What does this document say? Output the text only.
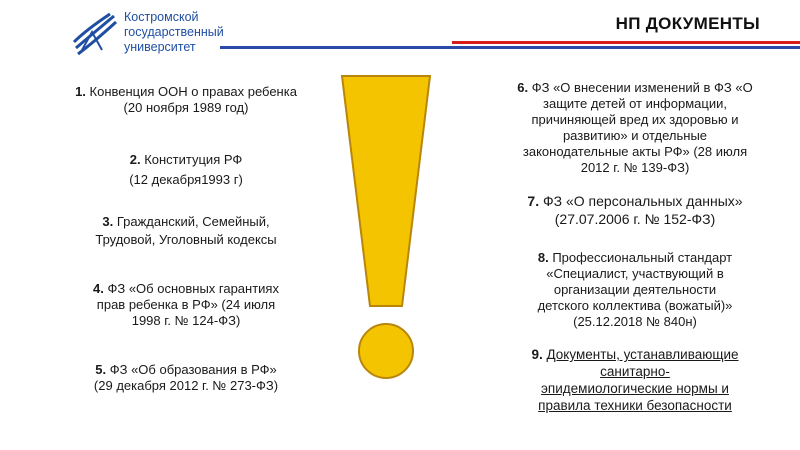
Костромской
государственный
университет
НП ДОКУМЕНТЫ
1. Конвенция ООН о правах ребенка
(20 ноября 1989 год)
2. Конституция РФ
(12 декабря1993 г)
3. Гражданский, Семейный,
Трудовой, Уголовный кодексы
4. ФЗ «Об основных гарантиях
прав ребенка в РФ» (24 июля
1998 г. № 124-ФЗ)
5. ФЗ «Об образования в РФ»
(29 декабря 2012 г. № 273-ФЗ)
6. ФЗ «О внесении изменений в ФЗ «О
защите детей от информации,
причиняющей вред их здоровью и
развитию» и отдельные
законодательные акты РФ» (28 июля
2012 г. № 139-ФЗ)
7. ФЗ «О персональных данных»
(27.07.2006 г. № 152-ФЗ)
8. Профессиональный стандарт
«Специалист, участвующий в
организации деятельности
детского коллектива (вожатый)»
(25.12.2018 № 840н)
9. Документы, устанавливающие
санитарно-
эпидемиологические нормы и
правила техники безопасности
